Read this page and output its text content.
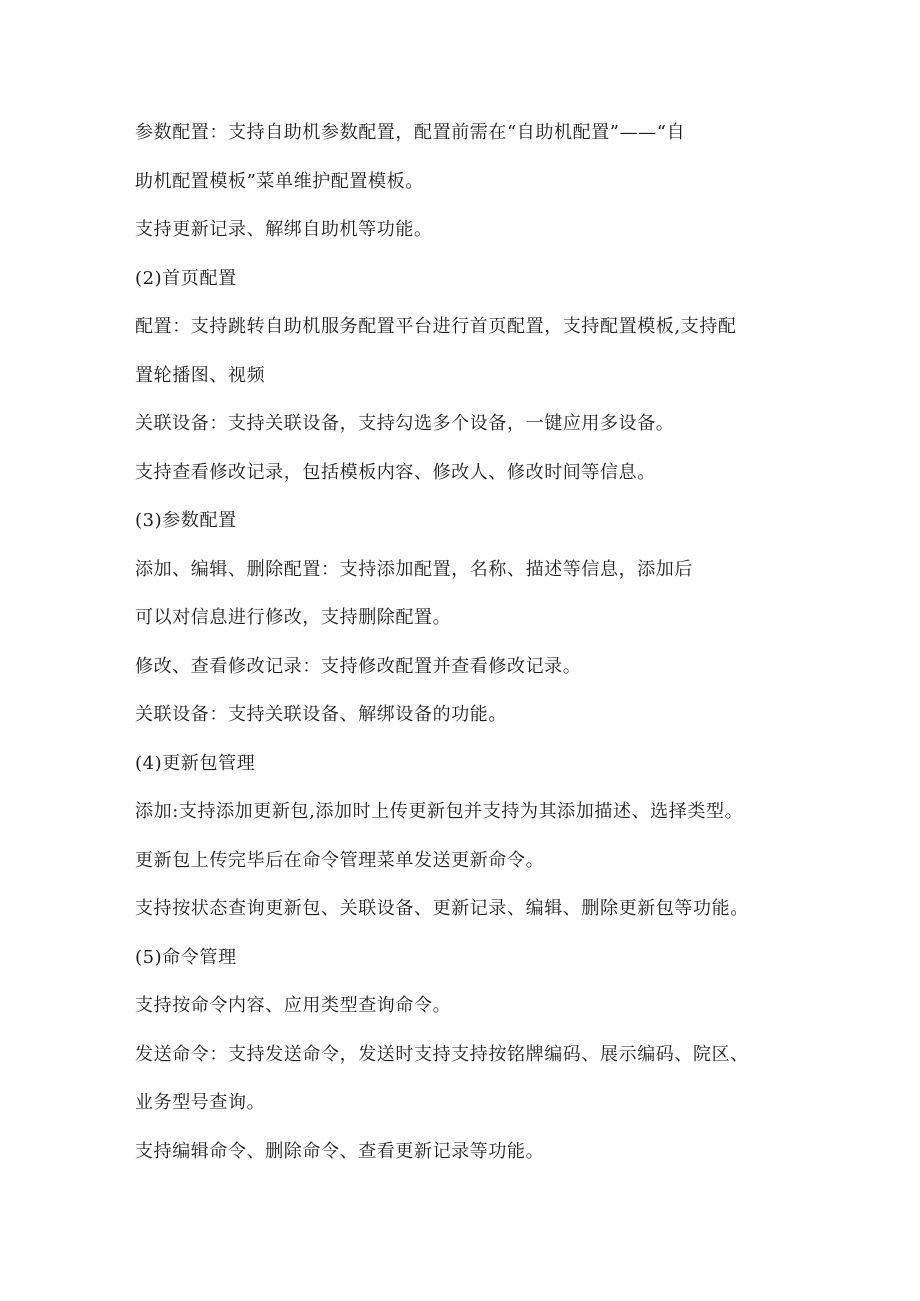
参数配置：支持自助机参数配置，配置前需在“自助机配置”——“自

助机配置模板”菜单维护配置模板。

支持更新记录、解绑自助机等功能。

(2)首页配置

配置：支持跳转自助机服务配置平台进行首页配置，支持配置模板,支持配

置轮播图、视频

关联设备：支持关联设备，支持勾选多个设备，一键应用多设备。

支持查看修改记录，包括模板内容、修改人、修改时间等信息。

(3)参数配置

添加、编辑、删除配置：支持添加配置，名称、描述等信息，添加后

可以对信息进行修改，支持删除配置。

修改、查看修改记录：支持修改配置并查看修改记录。

关联设备：支持关联设备、解绑设备的功能。

(4)更新包管理

添加:支持添加更新包,添加时上传更新包并支持为其添加描述、选择类型。

更新包上传完毕后在命令管理菜单发送更新命令。

支持按状态查询更新包、关联设备、更新记录、编辑、删除更新包等功能。

(5)命令管理

支持按命令内容、应用类型查询命令。

发送命令：支持发送命令，发送时支持支持按铭牌编码、展示编码、院区、

业务型号查询。

支持编辑命令、删除命令、查看更新记录等功能。
